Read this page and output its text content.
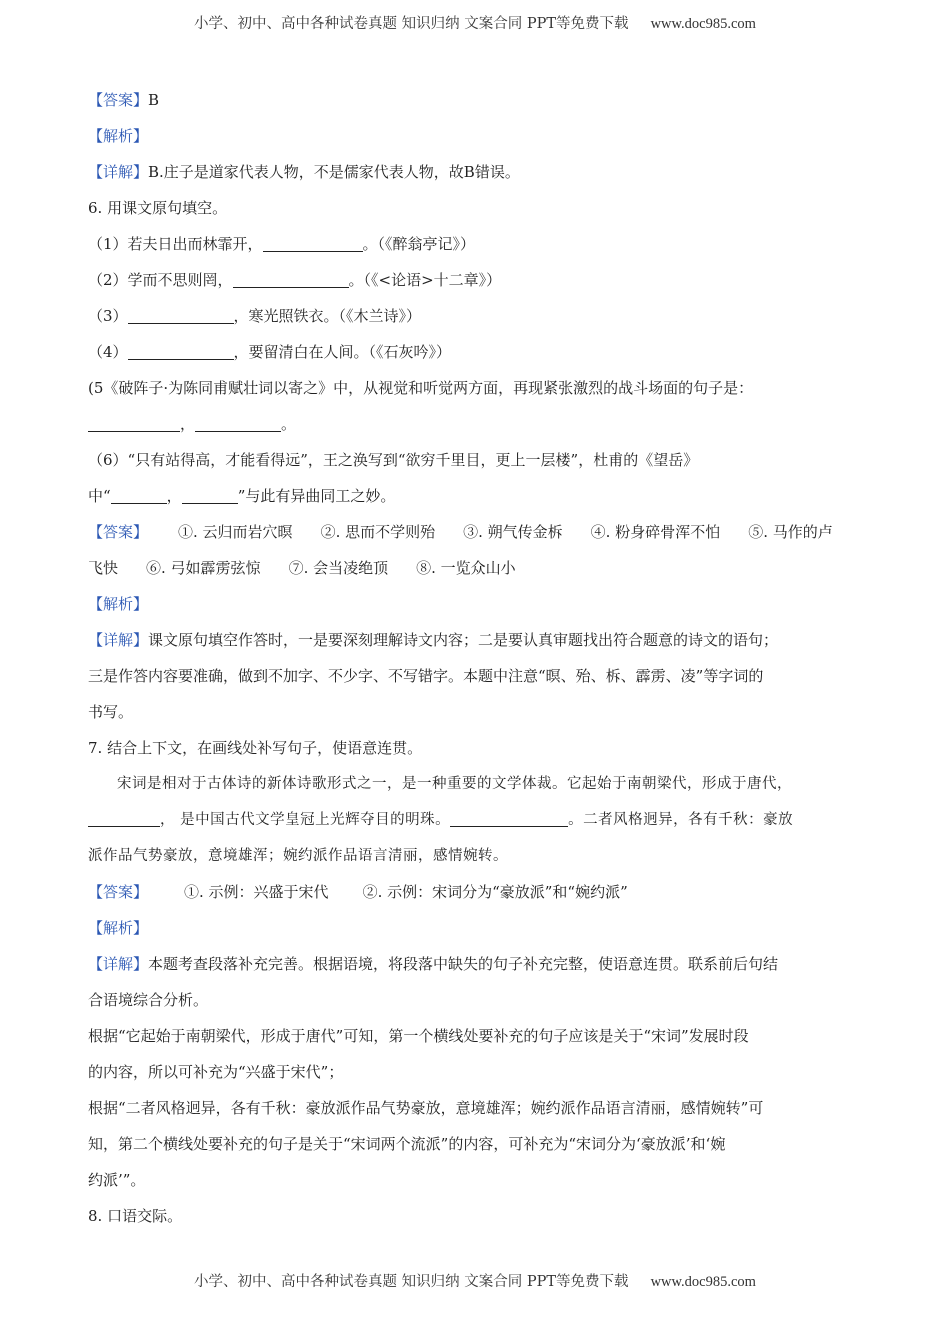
小学、初中、高中各种试卷真题 知识归纳 文案合同 PPT等免费下载 www.doc985.com
【答案】B
【解析】
【详解】B.庄子是道家代表人物，不是儒家代表人物，故B错误。
6. 用课文原句填空。
（1）若夫日出而林霏开，	。（《醉翁亭记》）
（2）学而不思则罔，	。（《<论语>十二章》）
（3）	，寒光照铁衣。（《木兰诗》）
（4）	，要留清白在人间。（《石灰吟》）
(5《破阵子·为陈同甫赋壮词以寄之》中，从视觉和听觉两方面，再现紧张激烈的战斗场面的句子是：
，	。
（6）“只有站得高，才能看得远”，王之涣写到“欲穷千里目，更上一层楼”，杜甫的《望岳》
中“	，	”与此有异曲同工之妙。
【答案】 ①. 云归而岩穴暝 ②. 思而不学则殆 ③. 朔气传金柝 ④. 粉身碎骨浑不怕 ⑤. 马作的卢
飞快 ⑥. 弓如霹雳弦惊 ⑦. 会当凌绝顶 ⑧. 一览众山小
【解析】
【详解】课文原句填空作答时，一是要深刻理解诗文内容；二是要认真审题找出符合题意的诗文的语句；
三是作答内容要准确，做到不加字、不少字、不写错字。本题中注意“暝、殆、柝、霹雳、凌”等字词的
书写。
7. 结合上下文，在画线处补写句子，使语意连贯。
宋词是相对于古体诗的新体诗歌形式之一，是一种重要的文学体裁。它起始于南朝梁代，形成于唐代，
， 是中国古代文学皇冠上光辉夺目的明珠。	。二者风格迥异，各有千秋：豪放
派作品气势豪放，意境雄浑；婉约派作品语言清丽，感情婉转。
【答案】 ①. 示例：兴盛于宋代 ②. 示例：宋词分为“豪放派”和“婉约派”
【解析】
【详解】本题考查段落补充完善。根据语境，将段落中缺失的句子补充完整，使语意连贯。联系前后句结
合语境综合分析。
根据“它起始于南朝梁代，形成于唐代”可知，第一个横线处要补充的句子应该是关于“宋词”发展时段
的内容，所以可补充为“兴盛于宋代”；
根据“二者风格迥异，各有千秋：豪放派作品气势豪放，意境雄浑；婉约派作品语言清丽，感情婉转”可
知，第二个横线处要补充的句子是关于“宋词两个流派”的内容，可补充为“宋词分为‘豪放派’和‘婉
约派’”。
8. 口语交际。
小学、初中、高中各种试卷真题 知识归纳 文案合同 PPT等免费下载 www.doc985.com
